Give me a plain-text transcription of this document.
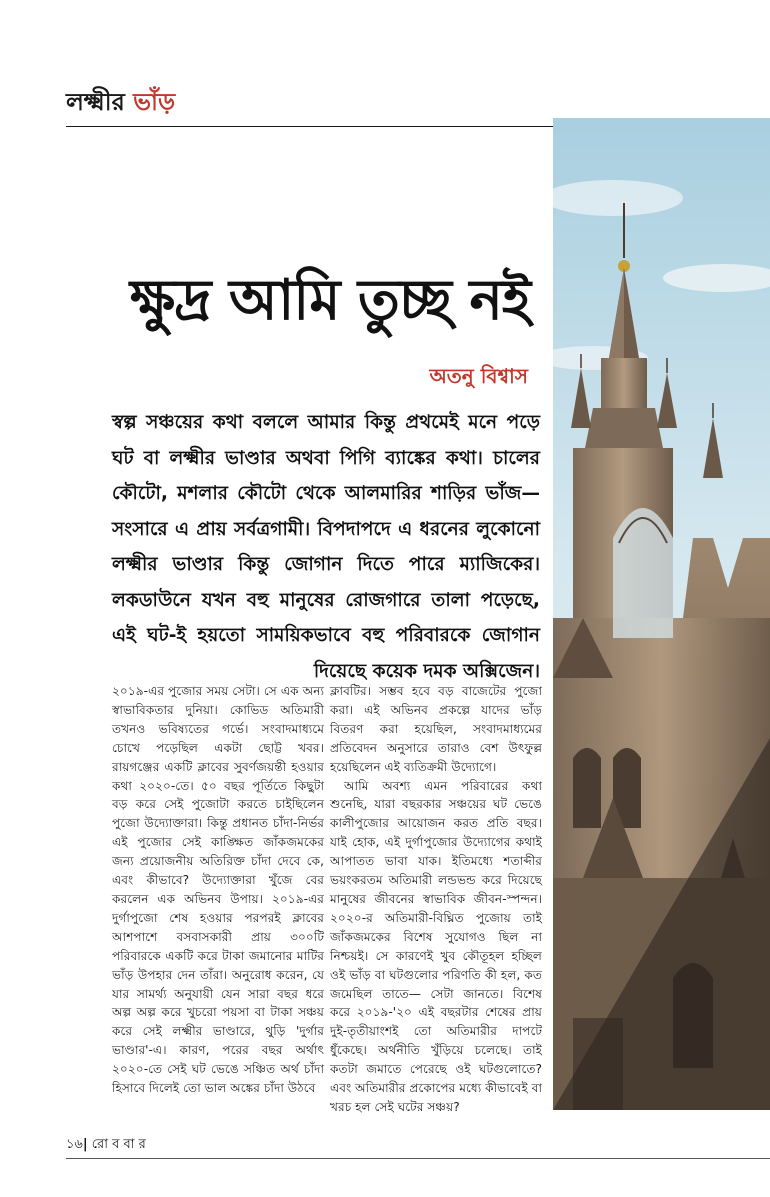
লক্ষ্মীর ভাঁড়
ক্ষুদ্র আমি তুচ্ছ নই
অতনু বিশ্বাস
স্বল্প সঞ্চয়ের কথা বললে আমার কিন্তু প্রথমেই মনে পড়ে ঘট বা লক্ষ্মীর ভাণ্ডার অথবা পিগি ব্যাঙ্কের কথা। চালের কৌটো, মশলার কৌটো থেকে আলমারির শাড়ির ভাঁজ— সংসারে এ প্রায় সর্বত্রগামী। বিপদাপদে এ ধরনের লুকোনো লক্ষ্মীর ভাণ্ডার কিন্তু জোগান দিতে পারে ম্যাজিকের। লকডাউনে যখন বহু মানুষের রোজগারে তালা পড়েছে, এই ঘট-ই হয়তো সাময়িকভাবে বহু পরিবারকে জোগান দিয়েছে কয়েক দমক অক্সিজেন।

২০১৯-এর পুজোর সময় সেটা। সে এক অন্য স্বাভাবিকতার দুনিয়া। কোভিড অতিমারী তখনও ভবিষ্যতের গর্ভে। সংবাদমাধ্যমে চোখে পড়েছিল একটা ছোট্ট খবর। রায়গঞ্জের একটি ক্লাবের সুবর্ণজয়ন্তী হওয়ার কথা ২০২০-তে। ৫০ বছর পূর্তিতে কিছুটা বড় করে সেই পুজোটা করতে চাইছিলেন পুজো উদ্যোক্তারা। কিন্তু প্রধানত চাঁদা-নির্ভর এই পুজোর সেই কাঙ্ক্ষিত জাঁকজমকের জন্য প্রয়োজনীয় অতিরিক্ত চাঁদা দেবে কে, এবং কীভাবে? উদ্যোক্তারা খুঁজে বের করলেন এক অভিনব উপায়। ২০১৯-এর দুর্গাপুজো শেষ হওয়ার পরপরই ক্লাবের আশপাশে বসবাসকারী প্রায় ৩০০টি পরিবারকে একটি করে টাকা জমানোর মাটির ভাঁড় উপহার দেন তাঁরা। অনুরোধ করেন, যে যার সামর্থ্য অনুযায়ী যেন সারা বছর ধরে অল্প অল্প করে খুচরো পয়সা বা টাকা সঞ্চয় করে সেই লক্ষ্মীর ভাণ্ডারে, থুড়ি 'দুর্গার ভাণ্ডার'-এ। কারণ, পরের বছর অর্থাৎ ২০২০-তে সেই ঘট ভেঙে সঞ্চিত অর্থ চাঁদা হিসাবে দিলেই তো ভাল অঙ্কের চাঁদা উঠবে

ক্লাবটির। সম্ভব হবে বড় বাজেটের পুজো করা। এই অভিনব প্রকল্পে যাদের ভাঁড় বিতরণ করা হয়েছিল, সংবাদমাধ্যমের প্রতিবেদন অনুসারে তারাও বেশ উৎফুল্ল হয়েছিলেন এই ব্যতিক্রমী উদ্যোগে।

আমি অবশ্য এমন পরিবারের কথা শুনেছি, যারা বছরকার সঞ্চয়ের ঘট ভেঙে কালীপুজোর আয়োজন করত প্রতি বছর। যাই হোক, এই দুর্গাপুজোর উদ্যোগের কথাই আপাতত ভাবা যাক। ইতিমধ্যে শতাব্দীর ভয়ংকরতম অতিমারী লন্ডভন্ড করে দিয়েছে মানুষের জীবনের স্বাভাবিক জীবন-স্পন্দন। ২০২০-র অতিমারী-বিঘ্নিত পুজোয় তাই জাঁকজমকের বিশেষ সুযোগও ছিল না নিশ্চয়ই। সে কারণেই খুব কৌতূহল হচ্ছিল ওই ভাঁড় বা ঘটগুলোর পরিণতি কী হল, কত জমেছিল তাতে— সেটা জানতে। বিশেষ করে ২০১৯-'২০ এই বছরটার শেষের প্রায় দুই-তৃতীয়াংশই তো অতিমারীর দাপটে ধুঁকেছে। অর্থনীতি খুঁড়িয়ে চলেছে। তাই কতটা জমাতে পেরেছে ওই ঘটগুলোতে? এবং অতিমারীর প্রকোপের মধ্যে কীভাবেই বা খরচ হল সেই ঘটের সঞ্চয়?

১৬| রো ব বা র
